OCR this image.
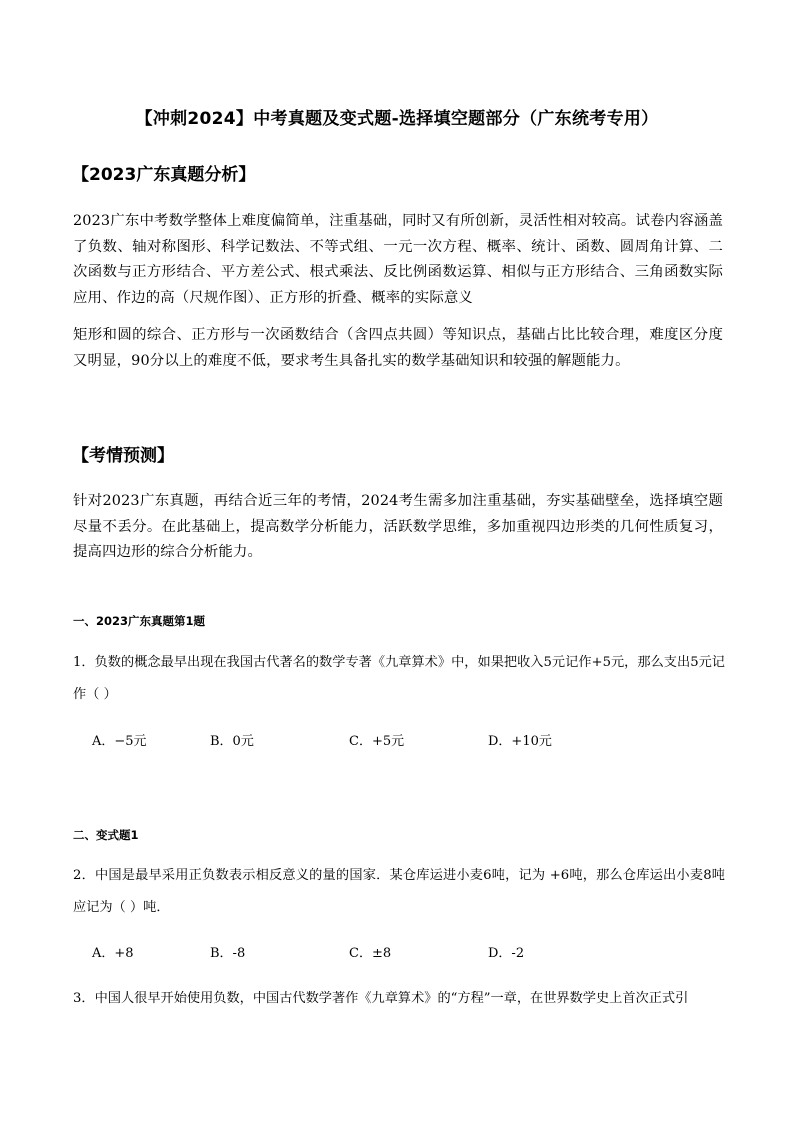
【冲刺2024】中考真题及变式题-选择填空题部分（广东统考专用）
【2023广东真题分析】
2023广东中考数学整体上难度偏简单，注重基础，同时又有所创新，灵活性相对较高。试卷内容涵盖了负数、轴对称图形、科学记数法、不等式组、一元一次方程、概率、统计、函数、圆周角计算、二次函数与正方形结合、平方差公式、根式乘法、反比例函数运算、相似与正方形结合、三角函数实际应用、作边的高（尺规作图）、正方形的折叠、概率的实际意义
矩形和圆的综合、正方形与一次函数结合（含四点共圆）等知识点，基础占比比较合理，难度区分度又明显，90分以上的难度不低，要求考生具备扎实的数学基础知识和较强的解题能力。
【考情预测】
针对2023广东真题，再结合近三年的考情，2024考生需多加注重基础，夯实基础壁垒，选择填空题尽量不丢分。在此基础上，提高数学分析能力，活跃数学思维，多加重视四边形类的几何性质复习，提高四边形的综合分析能力。
一、2023广东真题第1题
1．负数的概念最早出现在我国古代著名的数学专著《九章算术》中，如果把收入5元记作+5元，那么支出5元记作（ ）
A．−5元	B．0元	C．+5元	D．+10元
二、变式题1
2．中国是最早采用正负数表示相反意义的量的国家．某仓库运进小麦6吨，记为 +6吨，那么仓库运出小麦8吨应记为（ ）吨．
A．+8	B．-8	C．±8	D．-2
3．中国人很早开始使用负数，中国古代数学著作《九章算术》的“方程”一章，在世界数学史上首次正式引
